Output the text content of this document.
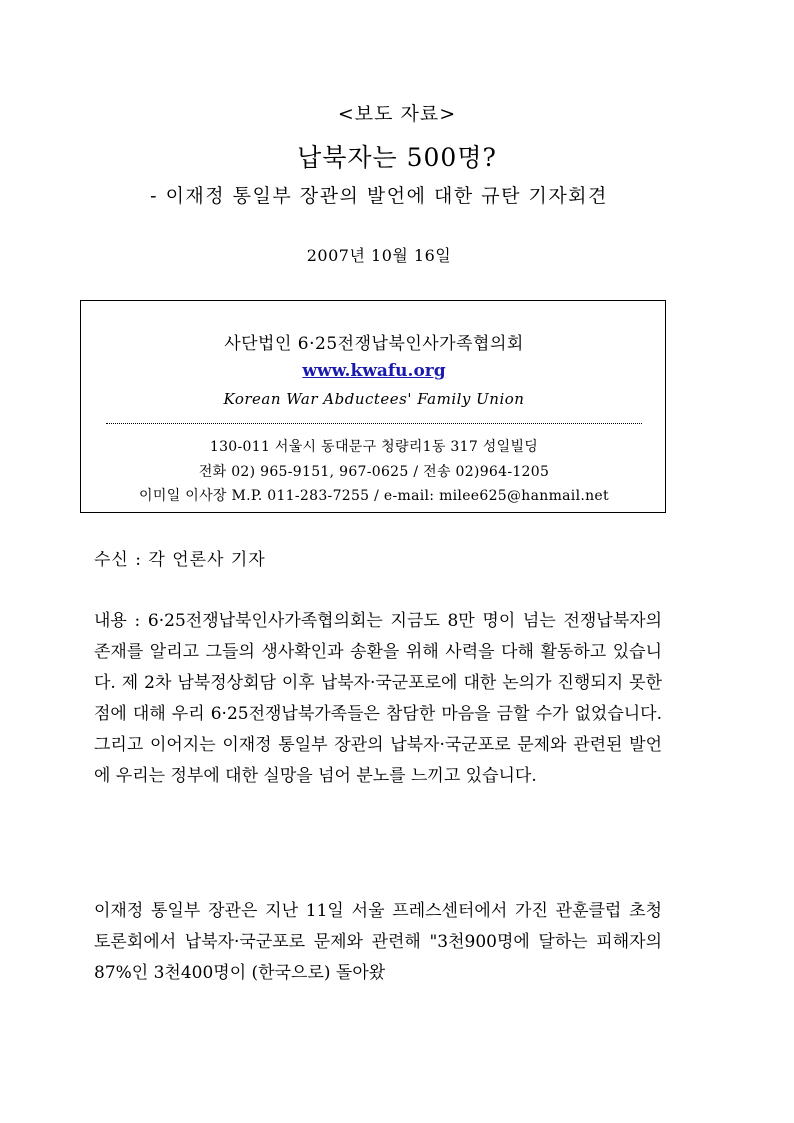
<보도 자료>
납북자는 500명?
- 이재정 통일부 장관의 발언에 대한 규탄 기자회견
2007년 10월 16일
사단법인 6·25전쟁납북인사가족협의회
www.kwafu.org
Korean War Abductees' Family Union
130-011 서울시 동대문구 청량리1동 317 성일빌딩
전화 02) 965-9151, 967-0625 / 전송 02)964-1205
이미일 이사장 M.P. 011-283-7255 / e-mail: milee625@hanmail.net
수신 : 각 언론사 기자
내용 : 6·25전쟁납북인사가족협의회는 지금도 8만 명이 넘는 전쟁납북자의 존재를 알리고 그들의 생사확인과 송환을 위해 사력을 다해 활동하고 있습니다. 제 2차 남북정상회담 이후 납북자·국군포로에 대한 논의가 진행되지 못한 점에 대해 우리 6·25전쟁납북가족들은 참담한 마음을 금할 수가 없었습니다. 그리고 이어지는 이재정 통일부 장관의 납북자·국군포로 문제와 관련된 발언에 우리는 정부에 대한 실망을 넘어 분노를 느끼고 있습니다.
이재정 통일부 장관은 지난 11일 서울 프레스센터에서 가진 관훈클럽 초청 토론회에서 납북자·국군포로 문제와 관련해 "3천900명에 달하는 피해자의 87%인 3천400명이 (한국으로) 돌아왔
